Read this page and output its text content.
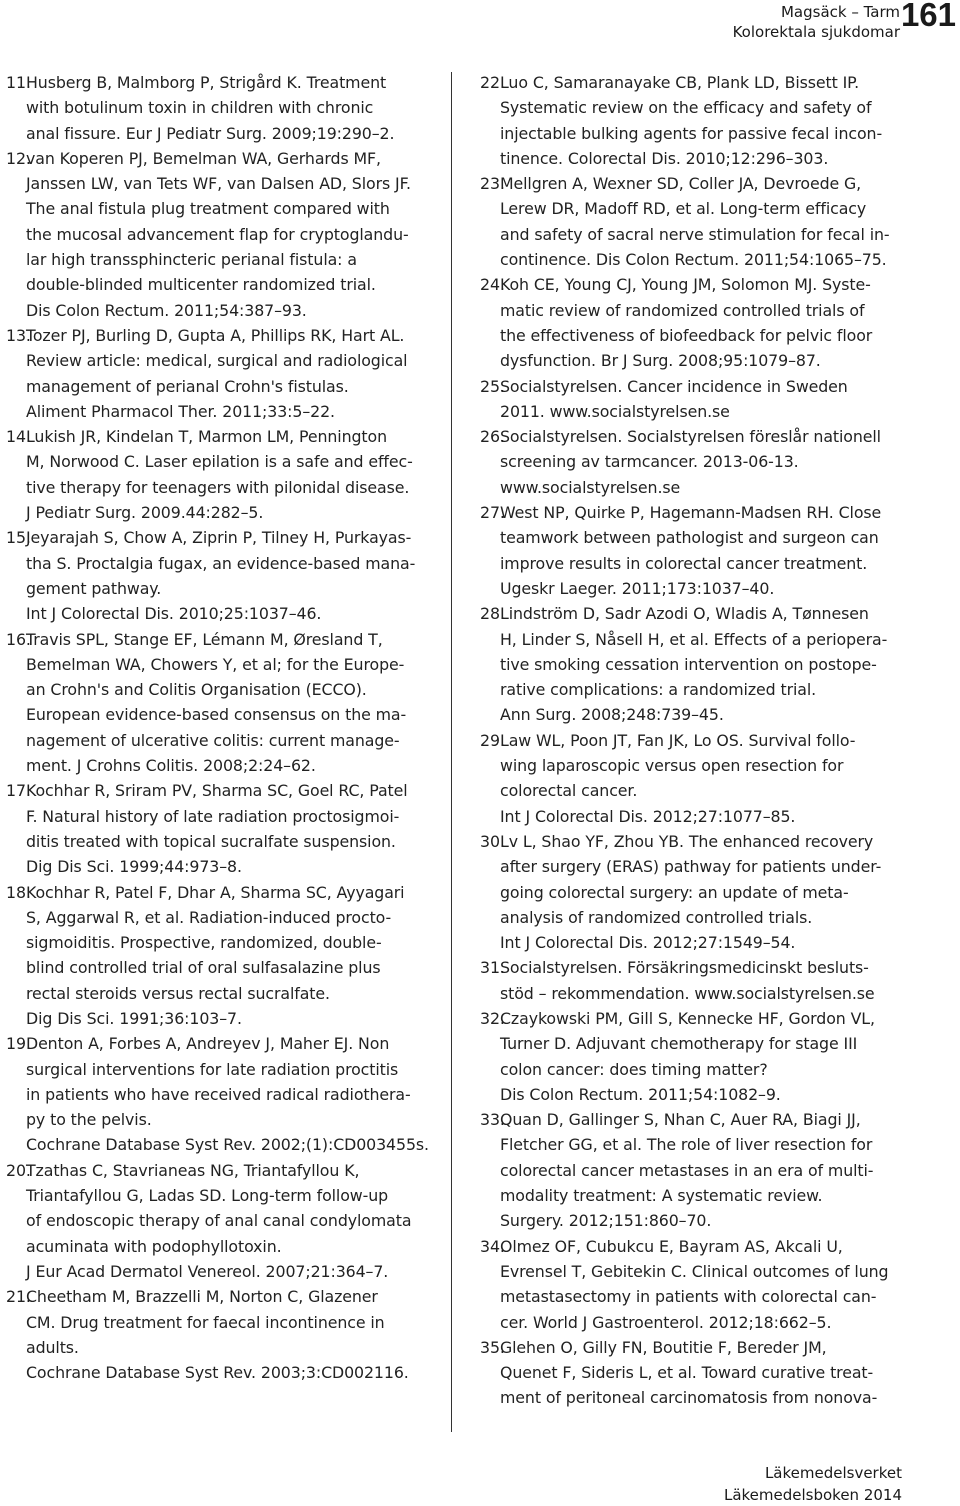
Magsäck – Tarm
Kolorektala sjukdomar 161
11.
Husberg B, Malmborg P, Strigård K. Treatment
with botulinum toxin in children with chronic
anal fissure. Eur J Pediatr Surg. 2009;19:290–2.
12.
van Koperen PJ, Bemelman WA, Gerhards MF,
Janssen LW, van Tets WF, van Dalsen AD, Slors JF.
The anal fistula plug treatment compared with
the mucosal advancement flap for cryptoglandu-
lar high transsphincteric perianal fistula: a
double-blinded multicenter randomized trial.
Dis Colon Rectum. 2011;54:387–93.
13.
Tozer PJ, Burling D, Gupta A, Phillips RK, Hart AL.
Review article: medical, surgical and radiological
management of perianal Crohn's fistulas.
Aliment Pharmacol Ther. 2011;33:5–22.
14.
Lukish JR, Kindelan T, Marmon LM, Pennington
M, Norwood C. Laser epilation is a safe and effec-
tive therapy for teenagers with pilonidal disease.
J Pediatr Surg. 2009.44:282–5.
15.
Jeyarajah S, Chow A, Ziprin P, Tilney H, Purkayas-
tha S. Proctalgia fugax, an evidence-based mana-
gement pathway.
Int J Colorectal Dis. 2010;25:1037–46.
16.
Travis SPL, Stange EF, Lémann M, Øresland T,
Bemelman WA, Chowers Y, et al; for the Europe-
an Crohn's and Colitis Organisation (ECCO).
European evidence-based consensus on the ma-
nagement of ulcerative colitis: current manage-
ment. J Crohns Colitis. 2008;2:24–62.
17.
Kochhar R, Sriram PV, Sharma SC, Goel RC, Patel
F. Natural history of late radiation proctosigmoi-
ditis treated with topical sucralfate suspension.
Dig Dis Sci. 1999;44:973–8.
18.
Kochhar R, Patel F, Dhar A, Sharma SC, Ayyagari
S, Aggarwal R, et al. Radiation-induced procto-
sigmoiditis. Prospective, randomized, double-
blind controlled trial of oral sulfasalazine plus
rectal steroids versus rectal sucralfate.
Dig Dis Sci. 1991;36:103–7.
19.
Denton A, Forbes A, Andreyev J, Maher EJ. Non
surgical interventions for late radiation proctitis
in patients who have received radical radiothera-
py to the pelvis.
Cochrane Database Syst Rev. 2002;(1):CD003455s.
20.
Tzathas C, Stavrianeas NG, Triantafyllou K,
Triantafyllou G, Ladas SD. Long-term follow-up
of endoscopic therapy of anal canal condylomata
acuminata with podophyllotoxin.
J Eur Acad Dermatol Venereol. 2007;21:364–7.
21.
Cheetham M, Brazzelli M, Norton C, Glazener
CM. Drug treatment for faecal incontinence in
adults.
Cochrane Database Syst Rev. 2003;3:CD002116.
22.
Luo C, Samaranayake CB, Plank LD, Bissett IP.
Systematic review on the efficacy and safety of
injectable bulking agents for passive fecal incon-
tinence. Colorectal Dis. 2010;12:296–303.
23.
Mellgren A, Wexner SD, Coller JA, Devroede G,
Lerew DR, Madoff RD, et al. Long-term efficacy
and safety of sacral nerve stimulation for fecal in-
continence. Dis Colon Rectum. 2011;54:1065–75.
24.
Koh CE, Young CJ, Young JM, Solomon MJ. Syste-
matic review of randomized controlled trials of
the effectiveness of biofeedback for pelvic floor
dysfunction. Br J Surg. 2008;95:1079–87.
25.
Socialstyrelsen. Cancer incidence in Sweden
2011. www.socialstyrelsen.se
26.
Socialstyrelsen. Socialstyrelsen föreslår nationell
screening av tarmcancer. 2013-06-13.
www.socialstyrelsen.se
27.
West NP, Quirke P, Hagemann-Madsen RH. Close
teamwork between pathologist and surgeon can
improve results in colorectal cancer treatment.
Ugeskr Laeger. 2011;173:1037–40.
28.
Lindström D, Sadr Azodi O, Wladis A, Tønnesen
H, Linder S, Nåsell H, et al. Effects of a periopera-
tive smoking cessation intervention on postope-
rative complications: a randomized trial.
Ann Surg. 2008;248:739–45.
29.
Law WL, Poon JT, Fan JK, Lo OS. Survival follo-
wing laparoscopic versus open resection for
colorectal cancer.
Int J Colorectal Dis. 2012;27:1077–85.
30.
Lv L, Shao YF, Zhou YB. The enhanced recovery
after surgery (ERAS) pathway for patients under-
going colorectal surgery: an update of meta-
analysis of randomized controlled trials.
Int J Colorectal Dis. 2012;27:1549–54.
31.
Socialstyrelsen. Försäkringsmedicinskt besluts-
stöd – rekommendation. www.socialstyrelsen.se
32.
Czaykowski PM, Gill S, Kennecke HF, Gordon VL,
Turner D. Adjuvant chemotherapy for stage III
colon cancer: does timing matter?
Dis Colon Rectum. 2011;54:1082–9.
33.
Quan D, Gallinger S, Nhan C, Auer RA, Biagi JJ,
Fletcher GG, et al. The role of liver resection for
colorectal cancer metastases in an era of multi-
modality treatment: A systematic review.
Surgery. 2012;151:860–70.
34.
Olmez OF, Cubukcu E, Bayram AS, Akcali U,
Evrensel T, Gebitekin C. Clinical outcomes of lung
metastasectomy in patients with colorectal can-
cer. World J Gastroenterol. 2012;18:662–5.
35.
Glehen O, Gilly FN, Boutitie F, Bereder JM,
Quenet F, Sideris L, et al. Toward curative treat-
ment of peritoneal carcinomatosis from nonova-
Läkemedelsverket
Läkemedelsboken 2014
